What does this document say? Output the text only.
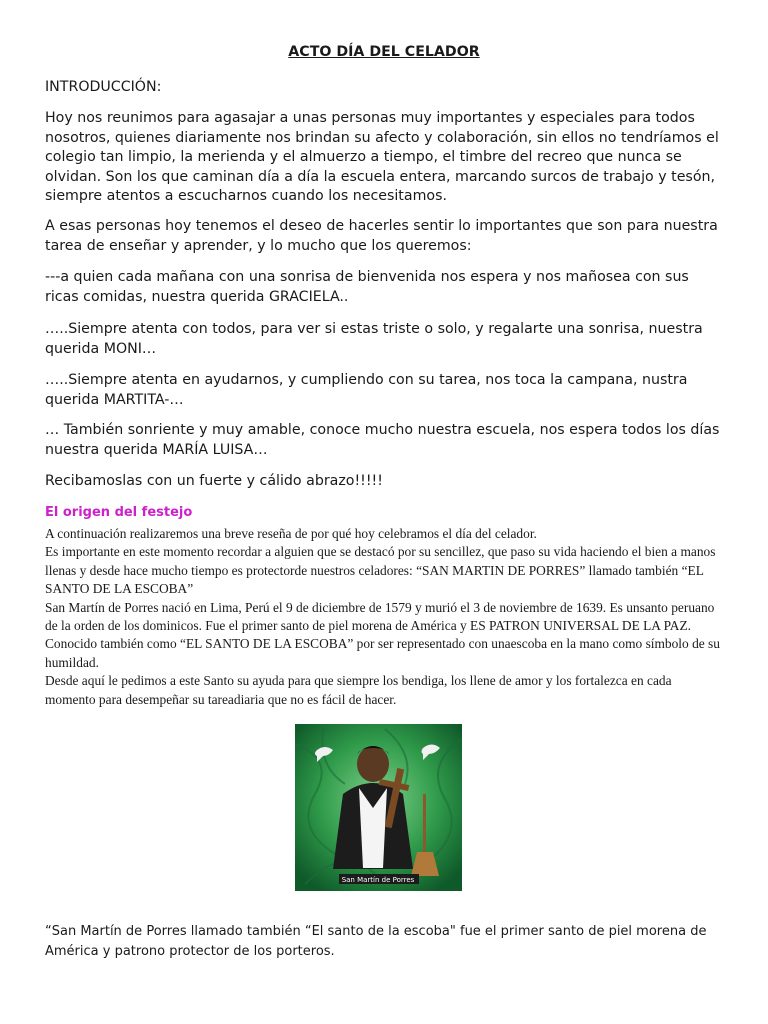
ACTO DÍA DEL CELADOR

INTRODUCCIÓN:

Hoy nos reunimos para agasajar a unas personas muy importantes y especiales para todos nosotros, quienes diariamente nos brindan su afecto y colaboración, sin ellos no tendríamos el colegio tan limpio, la merienda y el almuerzo a tiempo, el timbre del recreo que nunca se olvidan. Son los que caminan día a día la escuela entera, marcando surcos de trabajo y tesón, siempre atentos a escucharnos cuando los necesitamos.

A esas personas hoy tenemos el deseo de hacerles sentir lo importantes que son para nuestra tarea de enseñar y aprender, y lo mucho que los queremos:

---a quien cada mañana con una sonrisa de bienvenida nos espera y nos mañosea con sus ricas comidas, nuestra querida GRACIELA..

…..Siempre atenta con todos, para ver si estas triste o solo, y regalarte una sonrisa, nuestra querida MONI…

…..Siempre atenta en ayudarnos, y cumpliendo con su tarea, nos toca la campana, nustra querida MARTITA-…

… También sonriente y muy amable, conoce mucho nuestra escuela, nos espera todos los días nuestra querida MARÍA LUISA…

Recibamoslas con un fuerte y cálido abrazo!!!!!

El origen del festejo

A continuación realizaremos una breve reseña de por qué hoy celebramos el día del celador.
Es importante en este momento recordar a alguien que se destacó por su sencillez, que paso su vida haciendo el bien a manos llenas y desde hace mucho tiempo es protectorde nuestros celadores: “SAN MARTIN DE PORRES” llamado también “EL SANTO DE LA ESCOBA”
San Martín de Porres nació en Lima, Perú el 9 de diciembre de 1579 y murió el 3 de noviembre de 1639. Es unsanto peruano de la orden de los dominicos. Fue el primer santo de piel morena de América y ES PATRON UNIVERSAL DE LA PAZ. Conocido también como “EL SANTO DE LA ESCOBA” por ser representado con unaescoba en la mano como símbolo de su humildad.
Desde aquí le pedimos a este Santo su ayuda para que siempre los bendiga, los llene de amor y los fortalezca en cada momento para desempeñar su tareadiaria que no es fácil de hacer.
San Martín de Porres

“San Martín de Porres llamado también “El santo de la escoba" fue el primer santo de piel morena de América y patrono protector de los porteros.
